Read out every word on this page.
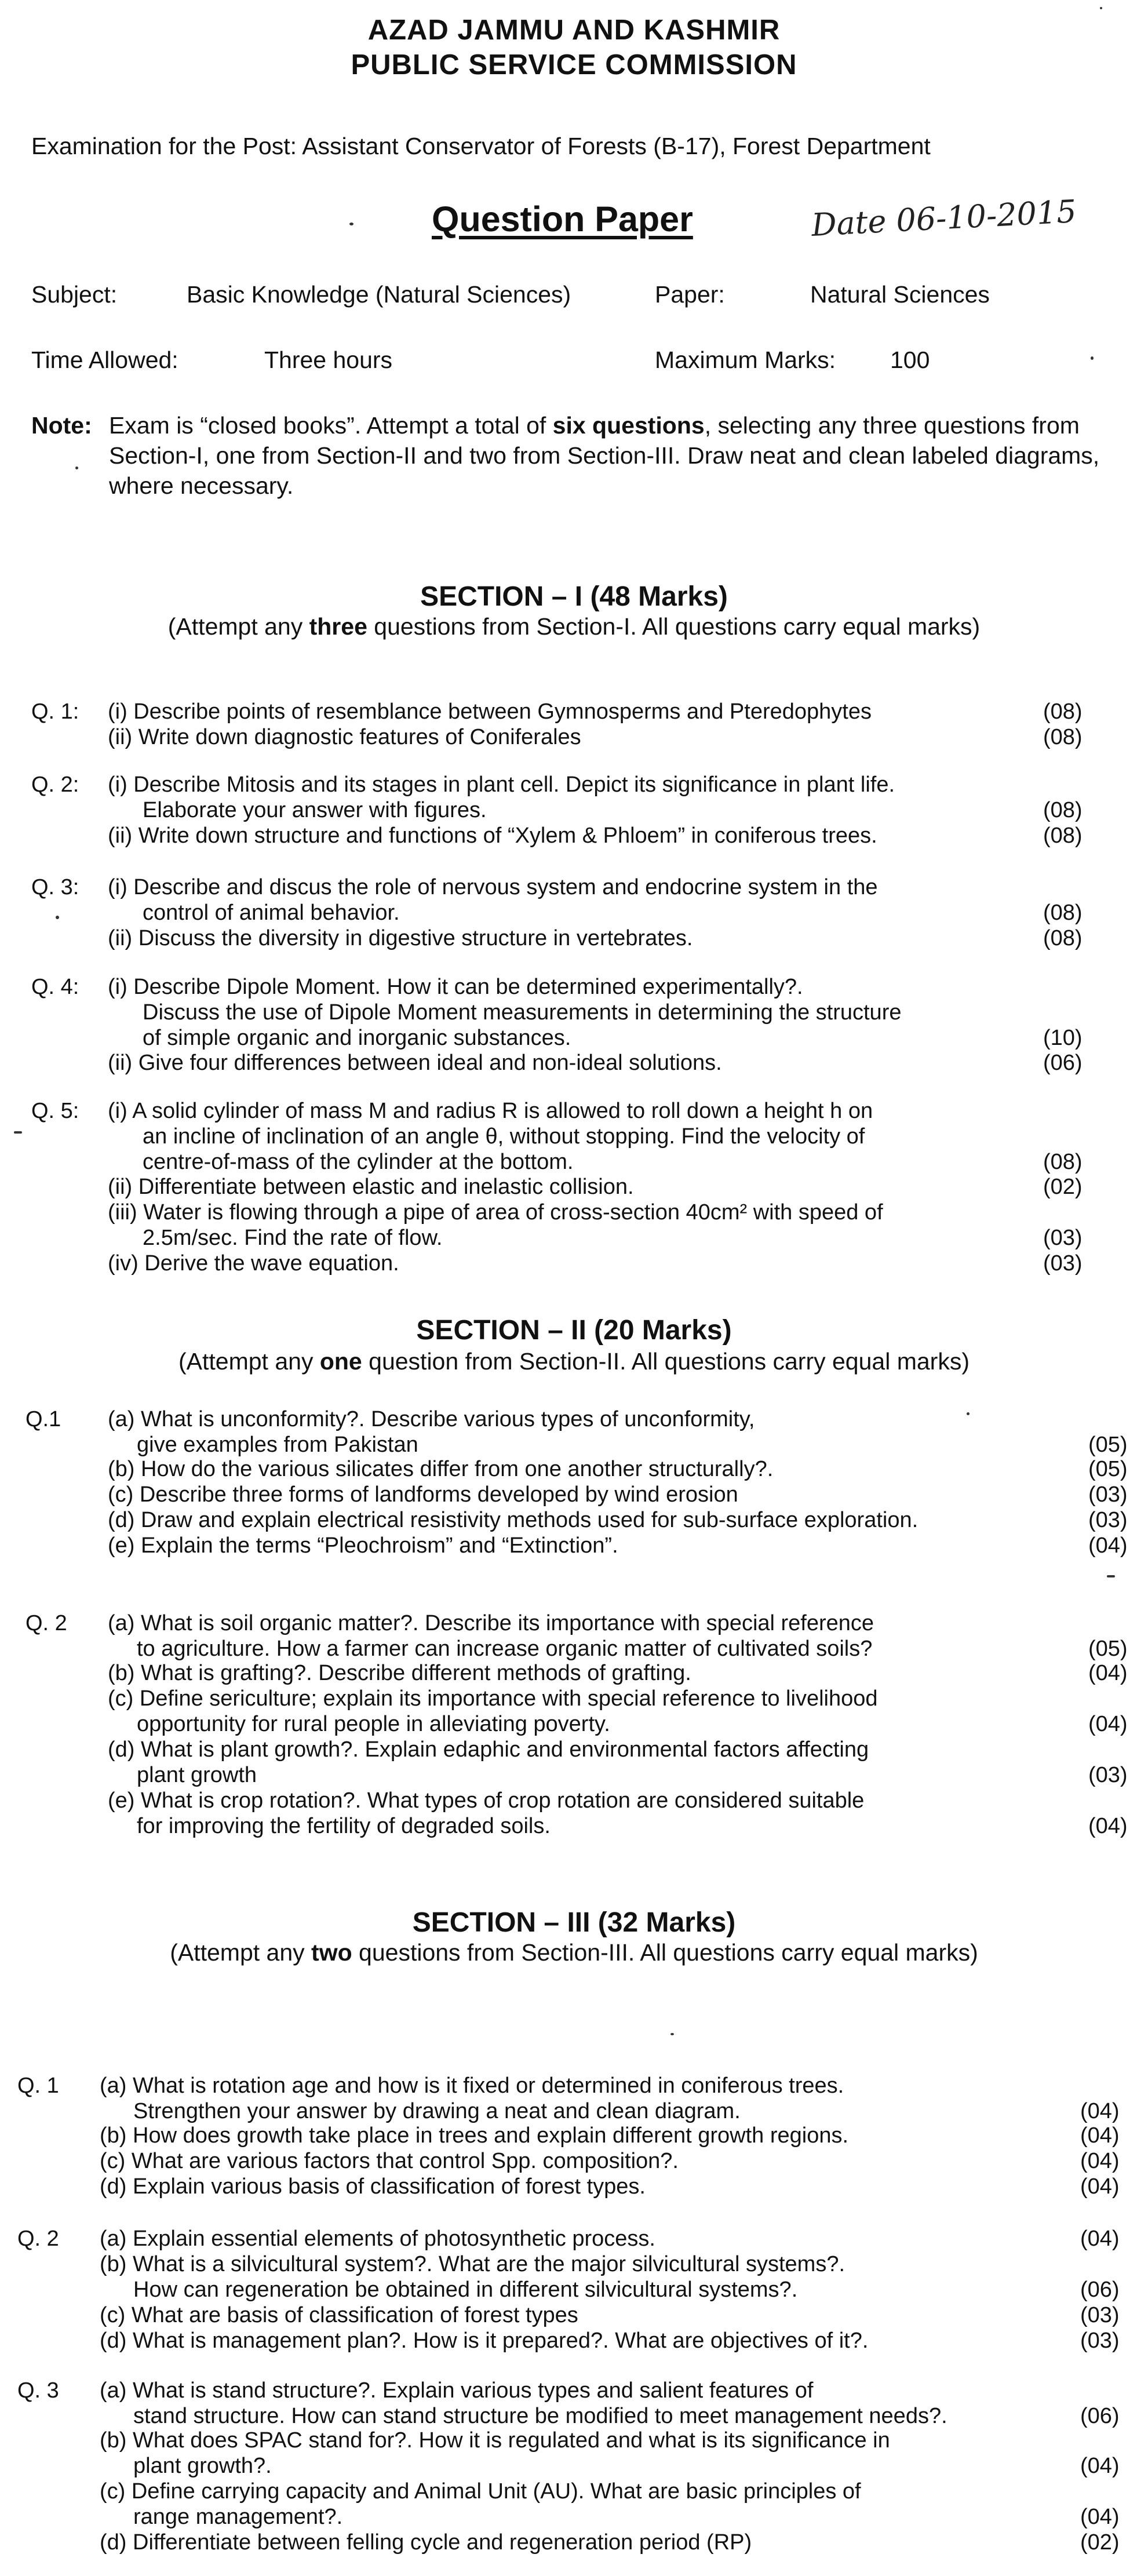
AZAD JAMMU AND KASHMIR
PUBLIC SERVICE COMMISSION
Examination for the Post: Assistant Conservator of Forests (B-17), Forest Department
Question Paper	Date 06-10-2015
Subject:	Basic Knowledge (Natural Sciences)	Paper:	Natural Sciences
Time Allowed:	Three hours	Maximum Marks: 100
Note: Exam is “closed books”. Attempt a total of six questions, selecting any three questions from Section-I, one from Section-II and two from Section-III. Draw neat and clean labeled diagrams, where necessary.
SECTION – I (48 Marks)
(Attempt any three questions from Section-I. All questions carry equal marks)
SECTION – II (20 Marks)
(Attempt any one question from Section-II. All questions carry equal marks)
SECTION – III (32 Marks)
(Attempt any two questions from Section-III. All questions carry equal marks)
Q. 1: (i) Describe points of resemblance between Gymnosperms and Pteredophytes	(08)
(ii) Write down diagnostic features of Coniferales	(08)
Q. 2: (i) Describe Mitosis and its stages in plant cell. Depict its significance in plant life.
Elaborate your answer with figures.	(08)
(ii) Write down structure and functions of “Xylem & Phloem” in coniferous trees.	(08)
Q. 3: (i) Describe and discus the role of nervous system and endocrine system in the
control of animal behavior.	(08)
(ii) Discuss the diversity in digestive structure in vertebrates.	(08)
Q. 4: (i) Describe Dipole Moment. How it can be determined experimentally?.
Discuss the use of Dipole Moment measurements in determining the structure
of simple organic and inorganic substances.	(10)
(ii) Give four differences between ideal and non-ideal solutions.	(06)
Q. 5: (i) A solid cylinder of mass M and radius R is allowed to roll down a height h on
an incline of inclination of an angle θ, without stopping. Find the velocity of
centre-of-mass of the cylinder at the bottom.	(08)
(ii) Differentiate between elastic and inelastic collision.	(02)
(iii) Water is flowing through a pipe of area of cross-section 40cm² with speed of
2.5m/sec. Find the rate of flow.	(03)
(iv) Derive the wave equation.	(03)
Q.1 (a) What is unconformity?. Describe various types of unconformity,
give examples from Pakistan	(05)
(b) How do the various silicates differ from one another structurally?.	(05)
(c) Describe three forms of landforms developed by wind erosion	(03)
(d) Draw and explain electrical resistivity methods used for sub-surface exploration.	(03)
(e) Explain the terms “Pleochroism” and “Extinction”.	(04)
Q. 2 (a) What is soil organic matter?. Describe its importance with special reference
to agriculture. How a farmer can increase organic matter of cultivated soils?	(05)
(b) What is grafting?. Describe different methods of grafting.	(04)
(c) Define sericulture; explain its importance with special reference to livelihood
opportunity for rural people in alleviating poverty.	(04)
(d) What is plant growth?. Explain edaphic and environmental factors affecting
plant growth	(03)
(e) What is crop rotation?. What types of crop rotation are considered suitable
for improving the fertility of degraded soils.	(04)
Q. 1 (a) What is rotation age and how is it fixed or determined in coniferous trees.
Strengthen your answer by drawing a neat and clean diagram.	(04)
(b) How does growth take place in trees and explain different growth regions.	(04)
(c) What are various factors that control Spp. composition?.	(04)
(d) Explain various basis of classification of forest types.	(04)
Q. 2 (a) Explain essential elements of photosynthetic process.	(04)
(b) What is a silvicultural system?. What are the major silvicultural systems?.
How can regeneration be obtained in different silvicultural systems?.	(06)
(c) What are basis of classification of forest types	(03)
(d) What is management plan?. How is it prepared?. What are objectives of it?.	(03)
Q. 3 (a) What is stand structure?. Explain various types and salient features of
stand structure. How can stand structure be modified to meet management needs?.	(06)
(b) What does SPAC stand for?. How it is regulated and what is its significance in
plant growth?.	(04)
(c) Define carrying capacity and Animal Unit (AU). What are basic principles of
range management?.	(04)
(d) Differentiate between felling cycle and regeneration period (RP)	(02)
